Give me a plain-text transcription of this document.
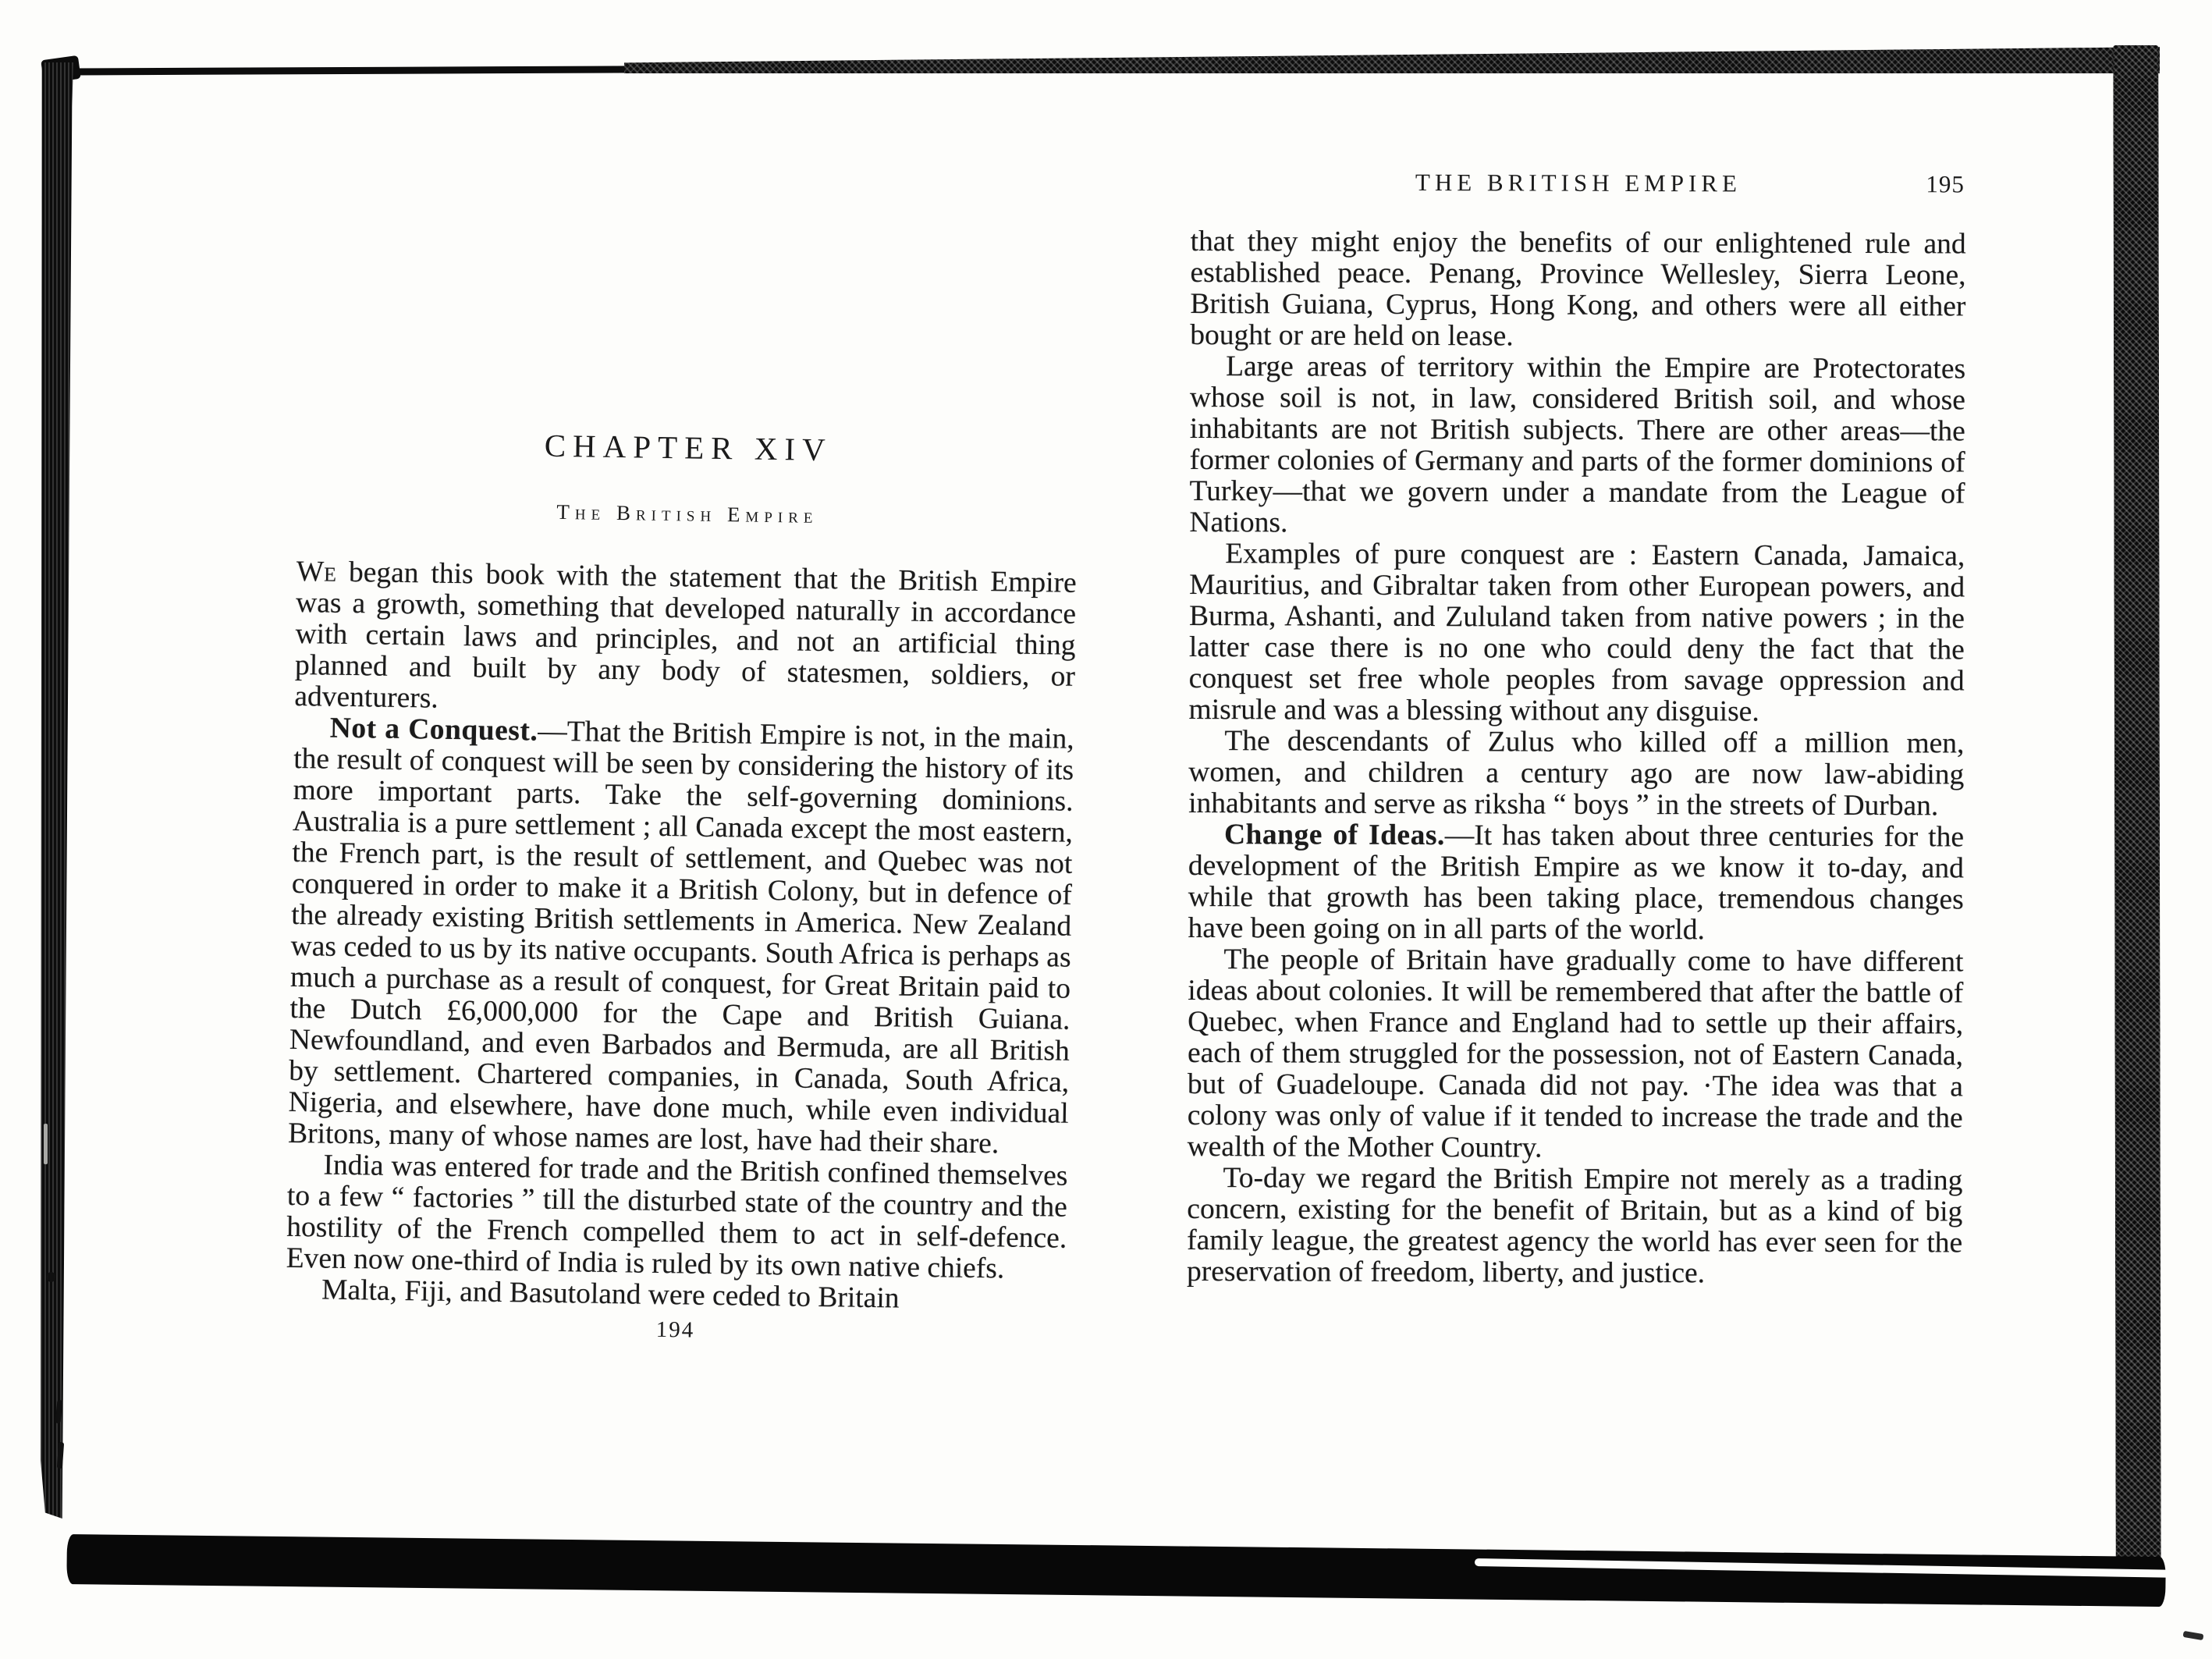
CHAPTER XIV
The British Empire

We began this book with the statement that the British Empire was a growth, something that developed naturally in accordance with certain laws and principles, and not an artificial thing planned and built by any body of statesmen, soldiers, or adventurers.

Not a Conquest.—That the British Empire is not, in the main, the result of conquest will be seen by considering the history of its more important parts. Take the self-governing dominions. Australia is a pure settlement ; all Canada except the most eastern, the French part, is the result of settlement, and Quebec was not conquered in order to make it a British Colony, but in defence of the already existing British settlements in America. New Zealand was ceded to us by its native occupants. South Africa is perhaps as much a purchase as a result of conquest, for Great Britain paid to the Dutch £6,000,000 for the Cape and British Guiana. Newfoundland, and even Barbados and Bermuda, are all British by settlement. Chartered companies, in Canada, South Africa, Nigeria, and elsewhere, have done much, while even individual Britons, many of whose names are lost, have had their share.

India was entered for trade and the British confined themselves to a few “ factories ” till the disturbed state of the country and the hostility of the French compelled them to act in self-defence. Even now one-third of India is ruled by its own native chiefs.

Malta, Fiji, and Basutoland were ceded to Britain

194
THE BRITISH EMPIRE	195

that they might enjoy the benefits of our enlightened rule and established peace. Penang, Province Wellesley, Sierra Leone, British Guiana, Cyprus, Hong Kong, and others were all either bought or are held on lease.

Large areas of territory within the Empire are Protectorates whose soil is not, in law, considered British soil, and whose inhabitants are not British subjects. There are other areas—the former colonies of Germany and parts of the former dominions of Turkey—that we govern under a mandate from the League of Nations.

Examples of pure conquest are : Eastern Canada, Jamaica, Mauritius, and Gibraltar taken from other European powers, and Burma, Ashanti, and Zululand taken from native powers ; in the latter case there is no one who could deny the fact that the conquest set free whole peoples from savage oppression and misrule and was a blessing without any disguise.

The descendants of Zulus who killed off a million men, women, and children a century ago are now law-abiding inhabitants and serve as riksha “ boys ” in the streets of Durban.

Change of Ideas.—It has taken about three centuries for the development of the British Empire as we know it to-day, and while that growth has been taking place, tremendous changes have been going on in all parts of the world.

The people of Britain have gradually come to have different ideas about colonies. It will be remembered that after the battle of Quebec, when France and England had to settle up their affairs, each of them struggled for the possession, not of Eastern Canada, but of Guadeloupe. Canada did not pay. ·The idea was that a colony was only of value if it tended to increase the trade and the wealth of the Mother Country.

To-day we regard the British Empire not merely as a trading concern, existing for the benefit of Britain, but as a kind of big family league, the greatest agency the world has ever seen for the preservation of freedom, liberty, and justice.
